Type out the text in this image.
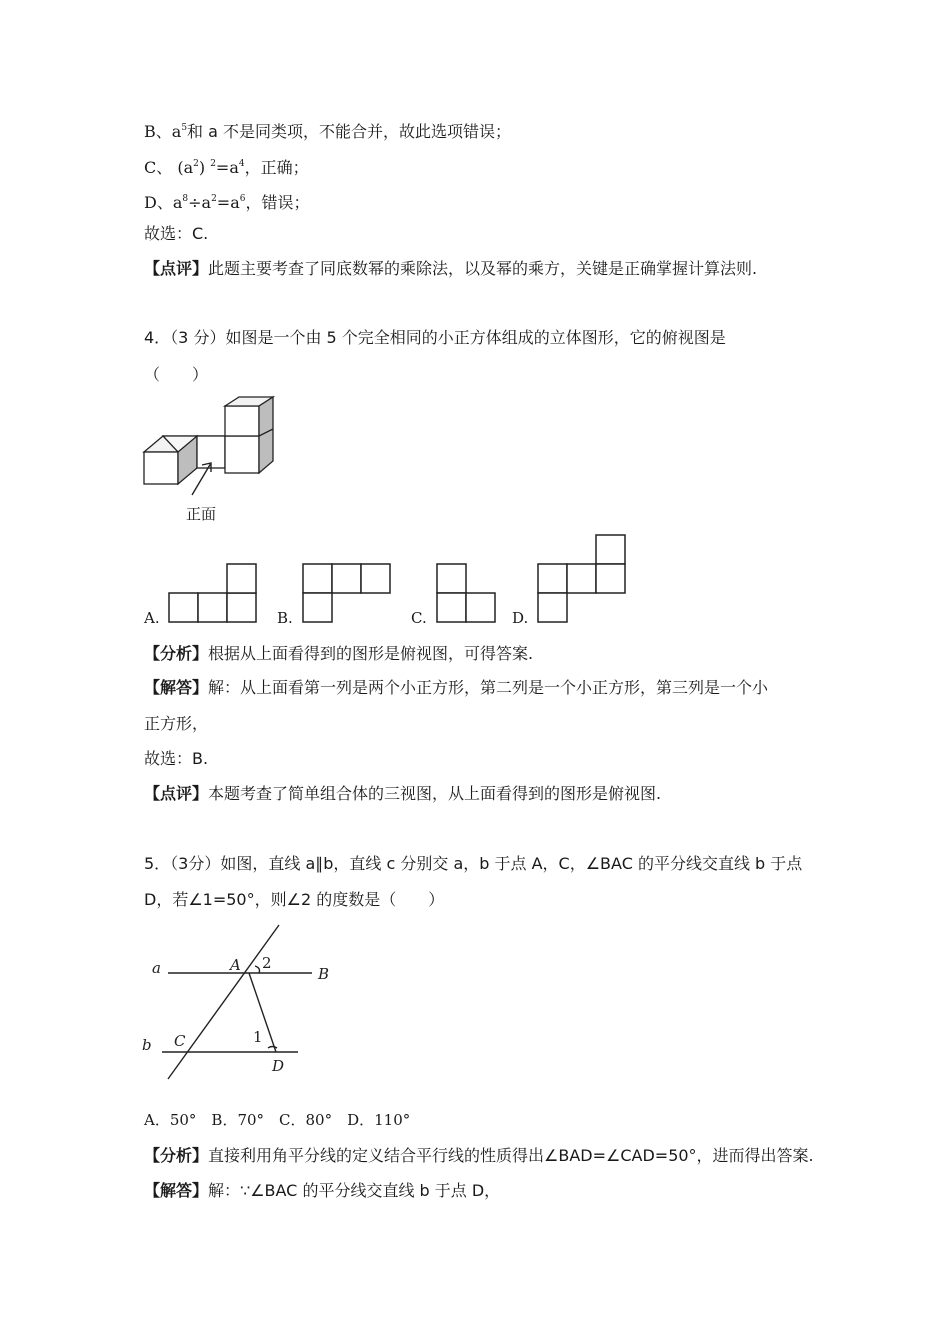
B、$a^5$和 a 不是同类项，不能合并，故此选项错误；
C、 $(a^2)$ $^2=a^4$，正确；
D、$a^8\div a^2=a^6$，错误；
故选：C.
【点评】此题主要考查了同底数幂的乘除法，以及幂的乘方，关键是正确掌握计算法则.
4．（3 分）如图是一个由 5 个完全相同的小正方体组成的立体图形，它的俯视图是
（　　）
正面
A.	B.	C.	D.
【分析】根据从上面看得到的图形是俯视图，可得答案.
【解答】解：从上面看第一列是两个小正方形，第二列是一个小正方形，第三列是一个小
正方形，
故选：B.
【点评】本题考查了简单组合体的三视图，从上面看得到的图形是俯视图.
5．（3分）如图，直线 a∥b，直线 c 分别交 a，b 于点 A，C，∠BAC 的平分线交直线 b 于点
D，若∠1=50°，则∠2 的度数是（　　）
a
b
A 2
B
C	1
D
A．50°　B．70°　C．80°　D．110°
【分析】直接利用角平分线的定义结合平行线的性质得出∠BAD=∠CAD=50°，进而得出答案.
【解答】解：∵∠BAC 的平分线交直线 b 于点 D，
